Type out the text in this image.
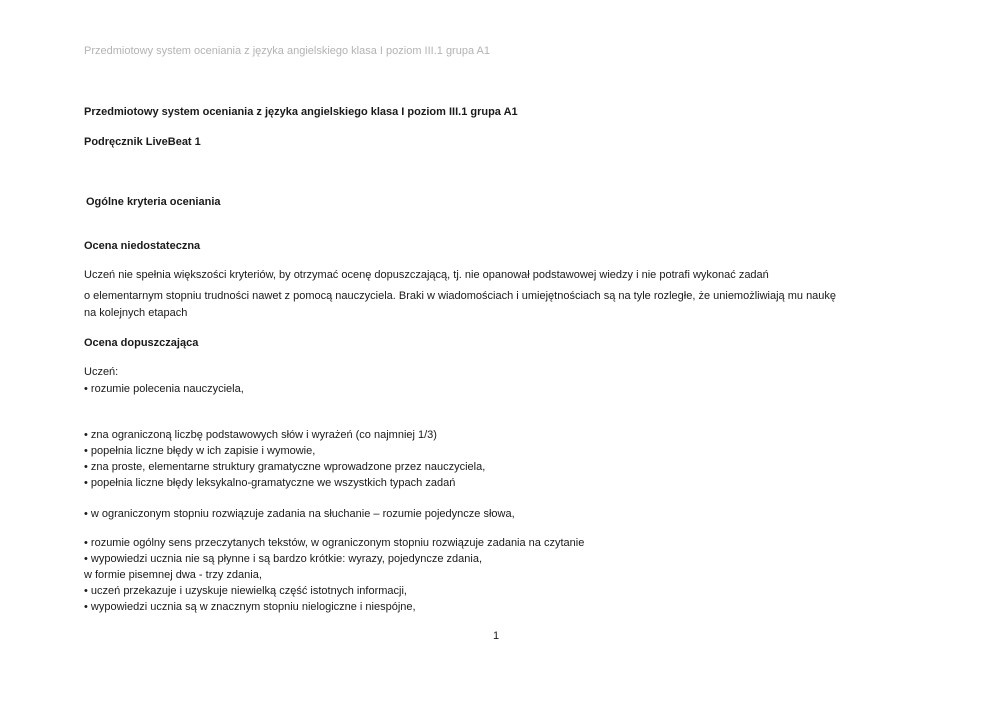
Przedmiotowy system oceniania z języka angielskiego klasa I poziom III.1 grupa A1
Przedmiotowy system oceniania z języka angielskiego klasa I poziom III.1 grupa A1
Podręcznik LiveBeat 1
Ogólne kryteria oceniania
Ocena niedostateczna
Uczeń nie spełnia większości kryteriów, by otrzymać ocenę dopuszczającą, tj. nie opanował podstawowej wiedzy i nie potrafi wykonać zadań
o elementarnym stopniu trudności nawet z pomocą nauczyciela. Braki w wiadomościach i umiejętnościach są na tyle rozległe, że uniemożliwiają mu naukę
na kolejnych etapach
Ocena dopuszczająca
Uczeń:
• rozumie polecenia nauczyciela,
• zna ograniczoną liczbę podstawowych słów i wyrażeń (co najmniej 1/3)
• popełnia liczne błędy w ich zapisie i wymowie,
• zna proste, elementarne struktury gramatyczne wprowadzone przez nauczyciela,
• popełnia liczne błędy leksykalno-gramatyczne we wszystkich typach zadań
• w ograniczonym stopniu rozwiązuje zadania na słuchanie – rozumie pojedyncze słowa,
• rozumie ogólny sens przeczytanych tekstów, w ograniczonym stopniu rozwiązuje zadania na czytanie
• wypowiedzi ucznia nie są płynne i są bardzo krótkie: wyrazy, pojedyncze zdania,
w formie pisemnej dwa - trzy zdania,
• uczeń przekazuje i uzyskuje niewielką część istotnych informacji,
• wypowiedzi ucznia są w znacznym stopniu nielogiczne i niespójne,
1
